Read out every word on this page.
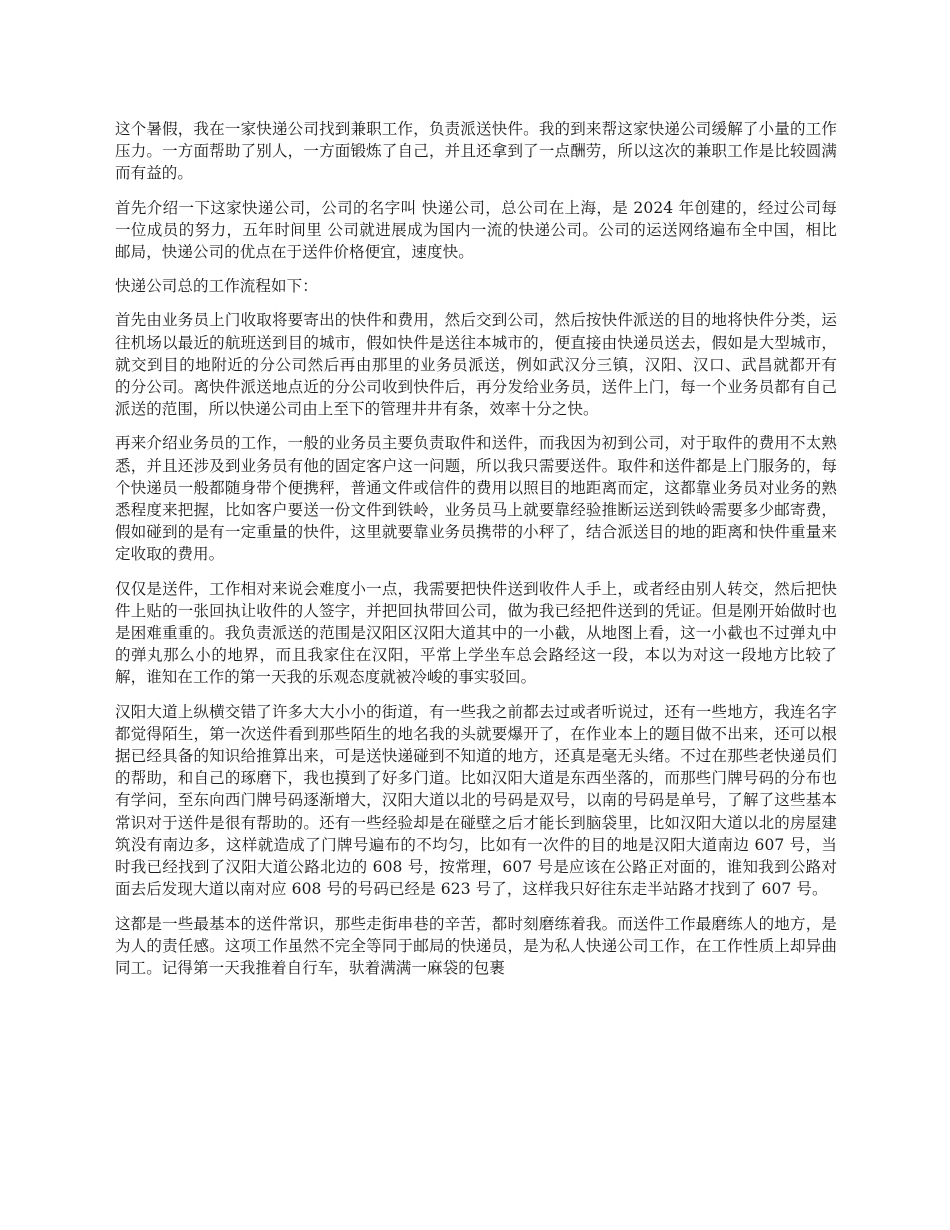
这个暑假，我在一家快递公司找到兼职工作，负责派送快件。我的到来帮这家快递公司缓解了小量的工作压力。一方面帮助了别人，一方面锻炼了自己，并且还拿到了一点酬劳，所以这次的兼职工作是比较圆满而有益的。

首先介绍一下这家快递公司，公司的名字叫 快递公司，总公司在上海，是 2024 年创建的，经过公司每一位成员的努力，五年时间里 公司就进展成为国内一流的快递公司。公司的运送网络遍布全中国，相比邮局，快递公司的优点在于送件价格便宜，速度快。

快递公司总的工作流程如下：

首先由业务员上门收取将要寄出的快件和费用，然后交到公司，然后按快件派送的目的地将快件分类，运往机场以最近的航班送到目的城市，假如快件是送往本城市的，便直接由快递员送去，假如是大型城市，就交到目的地附近的分公司然后再由那里的业务员派送，例如武汉分三镇，汉阳、汉口、武昌就都开有 的分公司。离快件派送地点近的分公司收到快件后，再分发给业务员，送件上门，每一个业务员都有自己派送的范围，所以快递公司由上至下的管理井井有条，效率十分之快。

再来介绍业务员的工作，一般的业务员主要负责取件和送件，而我因为初到公司，对于取件的费用不太熟悉，并且还涉及到业务员有他的固定客户这一问题，所以我只需要送件。取件和送件都是上门服务的，每个快递员一般都随身带个便携秤，普通文件或信件的费用以照目的地距离而定，这都靠业务员对业务的熟悉程度来把握，比如客户要送一份文件到铁岭，业务员马上就要靠经验推断运送到铁岭需要多少邮寄费，假如碰到的是有一定重量的快件，这里就要靠业务员携带的小秤了，结合派送目的地的距离和快件重量来定收取的费用。

仅仅是送件，工作相对来说会难度小一点，我需要把快件送到收件人手上，或者经由别人转交，然后把快件上贴的一张回执让收件的人签字，并把回执带回公司，做为我已经把件送到的凭证。但是刚开始做时也是困难重重的。我负责派送的范围是汉阳区汉阳大道其中的一小截，从地图上看，这一小截也不过弹丸中的弹丸那么小的地界，而且我家住在汉阳，平常上学坐车总会路经这一段，本以为对这一段地方比较了解，谁知在工作的第一天我的乐观态度就被冷峻的事实驳回。

汉阳大道上纵横交错了许多大大小小的街道，有一些我之前都去过或者听说过，还有一些地方，我连名字都觉得陌生，第一次送件看到那些陌生的地名我的头就要爆开了，在作业本上的题目做不出来，还可以根据已经具备的知识给推算出来，可是送快递碰到不知道的地方，还真是毫无头绪。不过在那些老快递员们的帮助，和自己的琢磨下，我也摸到了好多门道。比如汉阳大道是东西坐落的，而那些门牌号码的分布也有学问，至东向西门牌号码逐渐增大，汉阳大道以北的号码是双号，以南的号码是单号，了解了这些基本常识对于送件是很有帮助的。还有一些经验却是在碰壁之后才能长到脑袋里，比如汉阳大道以北的房屋建筑没有南边多，这样就造成了门牌号遍布的不均匀，比如有一次件的目的地是汉阳大道南边 607 号，当时我已经找到了汉阳大道公路北边的 608 号，按常理，607 号是应该在公路正对面的，谁知我到公路对面去后发现大道以南对应 608 号的号码已经是 623 号了，这样我只好往东走半站路才找到了 607 号。

这都是一些最基本的送件常识，那些走街串巷的辛苦，都时刻磨练着我。而送件工作最磨练人的地方，是为人的责任感。这项工作虽然不完全等同于邮局的快递员，是为私人快递公司工作，在工作性质上却异曲同工。记得第一天我推着自行车，驮着满满一麻袋的包裹
